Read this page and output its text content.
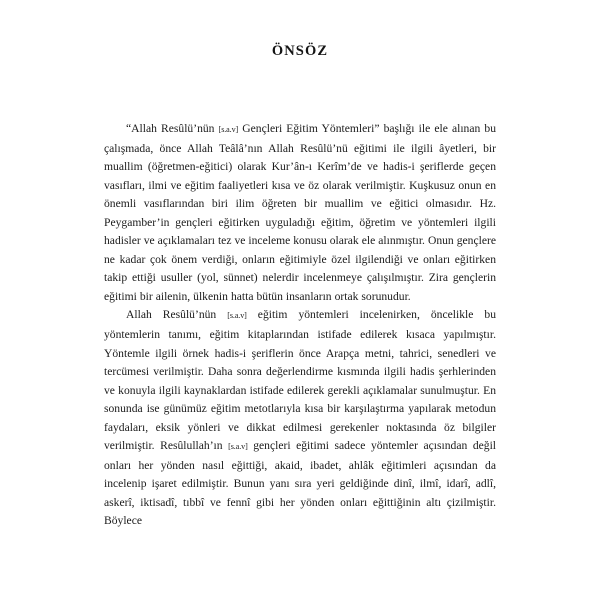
ÖNSÖZ

“Allah Resûlü’nün [s.a.v] Gençleri Eğitim Yöntemleri” başlığı ile ele alınan bu çalışmada, önce Allah Teâlâ’nın Allah Resûlü’nü eğitimi ile ilgili âyetleri, bir muallim (öğretmen-eğitici) olarak Kur’ân-ı Kerîm’de ve hadis-i şeriflerde geçen vasıfları, ilmi ve eğitim faaliyetleri kısa ve öz olarak verilmiştir. Kuşkusuz onun en önemli vasıflarından biri ilim öğreten bir muallim ve eğitici olmasıdır. Hz. Peygamber’in gençleri eğitirken uyguladığı eğitim, öğretim ve yöntemleri ilgili hadisler ve açıklamaları tez ve inceleme konusu olarak ele alınmıştır. Onun gençlere ne kadar çok önem verdiği, onların eğitimiyle özel ilgilendiği ve onları eğitirken takip ettiği usuller (yol, sünnet) nelerdir incelenmeye çalışılmıştır. Zira gençlerin eğitimi bir ailenin, ülkenin hatta bütün insanların ortak sorunudur.

Allah Resûlü’nün [s.a.v] eğitim yöntemleri incelenirken, öncelikle bu yöntemlerin tanımı, eğitim kitaplarından istifade edilerek kısaca yapılmıştır. Yöntemle ilgili örnek hadis-i şeriflerin önce Arapça metni, tahrici, senedleri ve tercümesi verilmiştir. Daha sonra değerlendirme kısmında ilgili hadis şerhlerinden ve konuyla ilgili kaynaklardan istifade edilerek gerekli açıklamalar sunulmuştur. En sonunda ise günümüz eğitim metotlarıyla kısa bir karşılaştırma yapılarak metodun faydaları, eksik yönleri ve dikkat edilmesi gerekenler noktasında öz bilgiler verilmiştir. Resûlullah’ın [s.a.v] gençleri eğitimi sadece yöntemler açısından değil onları her yönden nasıl eğittiği, akaid, ibadet, ahlâk eğitimleri açısından da incelenip işaret edilmiştir. Bunun yanı sıra yeri geldiğinde dinî, ilmî, idarî, adlî, askerî, iktisadî, tıbbî ve fennî gibi her yönden onları eğittiğinin altı çizilmiştir. Böylece
